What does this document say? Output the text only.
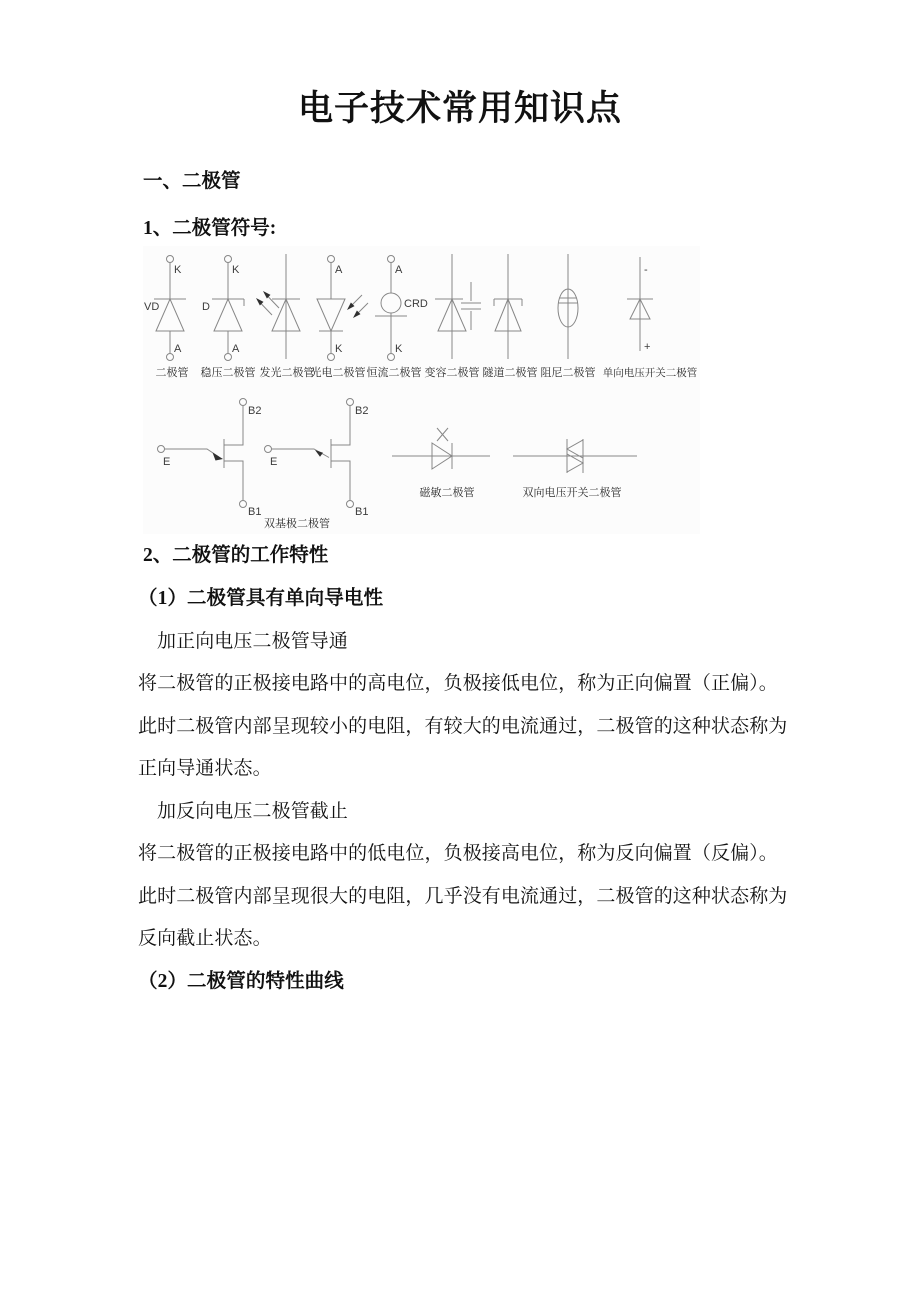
电子技术常用知识点
一、二极管
1、二极管符号:
K
A
VD
K
A
D
A
K
A
K
CRD
-
+
二极管 稳压二极管 发光二极管
光电二极管 恒流二极管 变容二极管 隧道二极管 阻尼二极管 单向电压开关二极管
E
B2
B1
E
B2
B1
双基极二极管
磁敏二极管	双向电压开关二极管
2、二极管的工作特性
（1）二极管具有单向导电性
加正向电压二极管导通
将二极管的正极接电路中的高电位，负极接低电位，称为正向偏置（正偏）。
此时二极管内部呈现较小的电阻，有较大的电流通过，二极管的这种状态称为
正向导通状态。
加反向电压二极管截止
将二极管的正极接电路中的低电位，负极接高电位，称为反向偏置（反偏）。
此时二极管内部呈现很大的电阻，几乎没有电流通过，二极管的这种状态称为
反向截止状态。
（2）二极管的特性曲线
